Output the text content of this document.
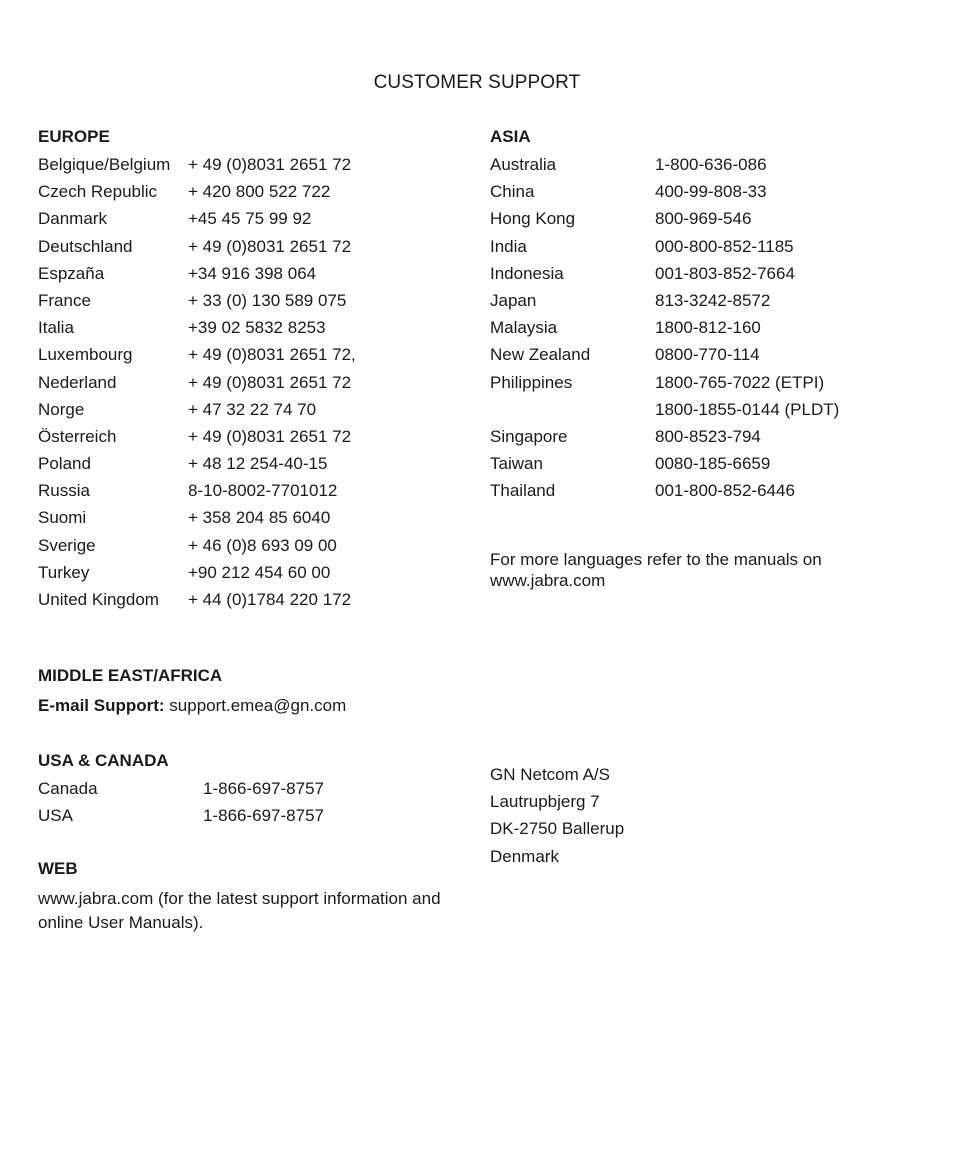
CUSTOMER SUPPORT
EUROPE
Belgique/Belgium	+ 49 (0)8031 2651 72
Czech Republic	+ 420 800 522 722
Danmark	+45 45 75 99 92
Deutschland	+ 49 (0)8031 2651 72
Espzaña	+34 916 398 064
France	+ 33 (0) 130 589 075
Italia	+39 02 5832 8253
Luxembourg	+ 49 (0)8031 2651 72,
Nederland	+ 49 (0)8031 2651 72
Norge	+ 47 32 22 74 70
Österreich	+ 49 (0)8031 2651 72
Poland	+ 48 12 254-40-15
Russia	8-10-8002-7701012
Suomi	+ 358 204 85 6040
Sverige	+ 46 (0)8 693 09 00
Turkey	+90 212 454 60 00
United Kingdom	+ 44 (0)1784 220 172
ASIA
Australia	1-800-636-086
China	400-99-808-33
Hong Kong	800-969-546
India	000-800-852-1185
Indonesia	001-803-852-7664
Japan	813-3242-8572
Malaysia	1800-812-160
New Zealand	0800-770-114
Philippines	1800-765-7022 (ETPI)
1800-1855-0144 (PLDT)
Singapore	800-8523-794
Taiwan	0080-185-6659
Thailand	001-800-852-6446
For more languages refer to the manuals on www.jabra.com
MIDDLE EAST/AFRICA
E-mail Support: support.emea@gn.com
USA & CANADA
Canada	1-866-697-8757
USA	1-866-697-8757
WEB
www.jabra.com (for the latest support information and online User Manuals).
GN Netcom A/S
Lautrupbjerg 7
DK-2750 Ballerup
Denmark
